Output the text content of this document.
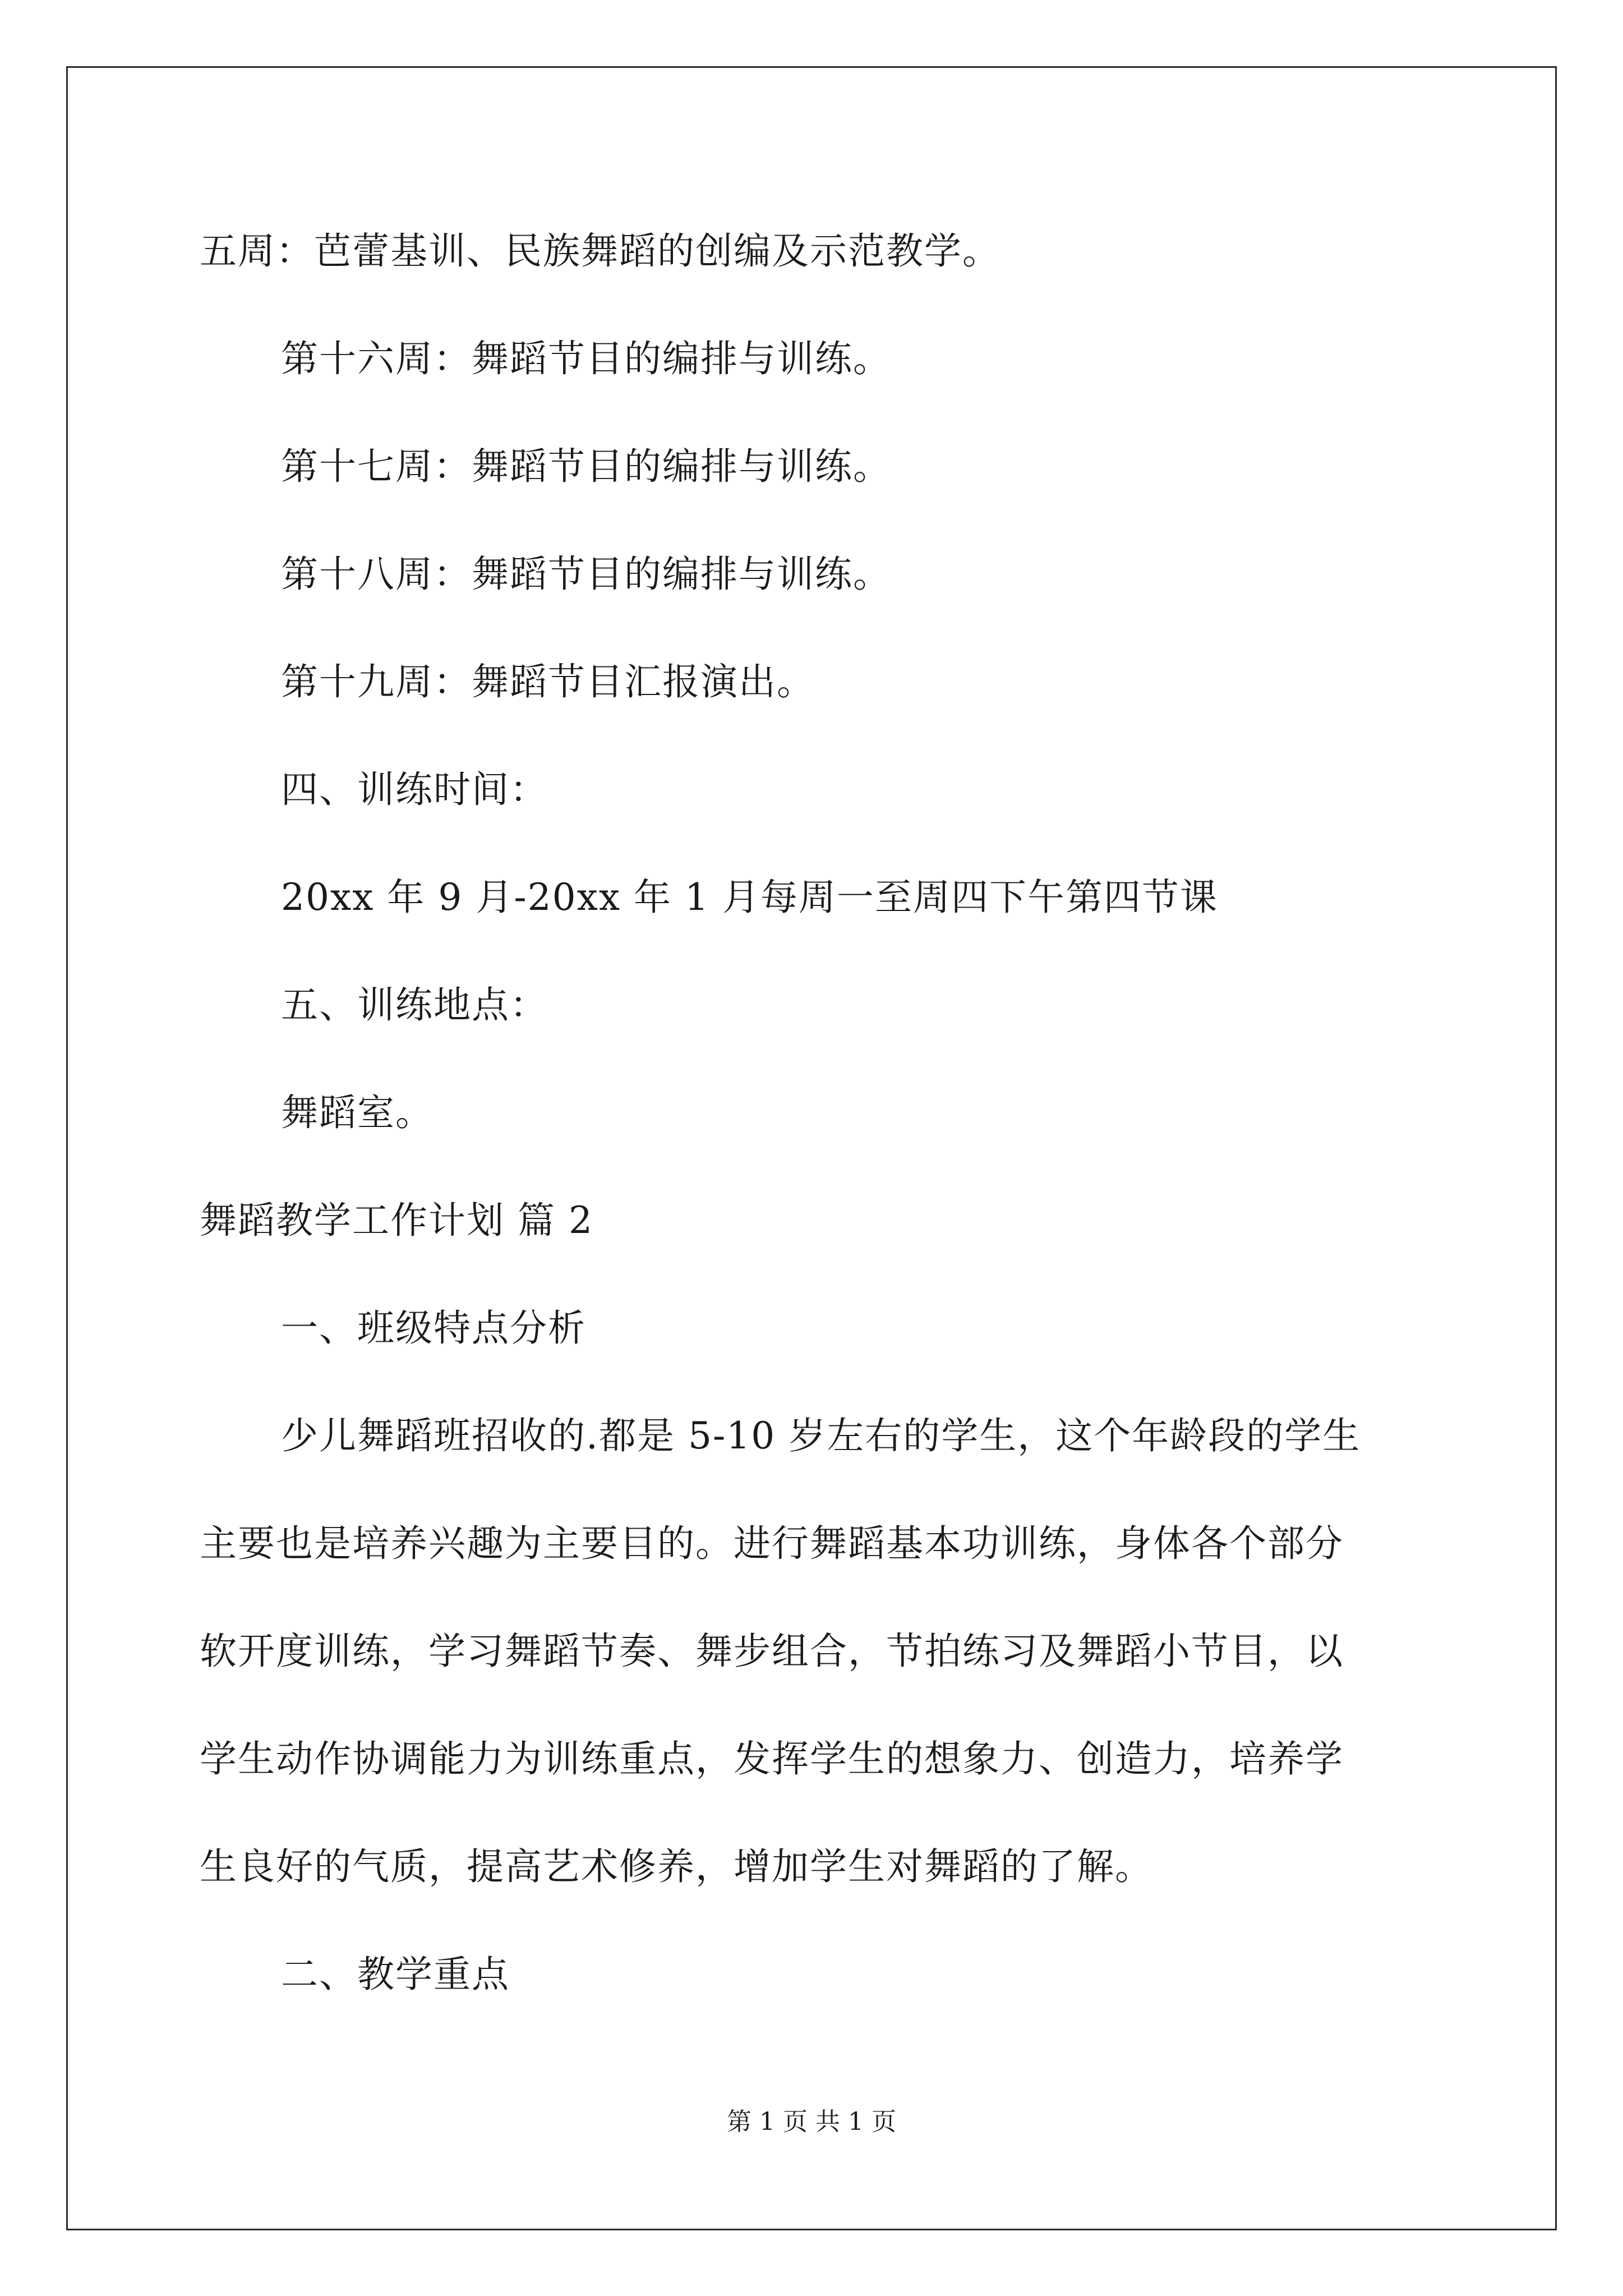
五周：芭蕾基训、民族舞蹈的创编及示范教学。
第十六周：舞蹈节目的编排与训练。
第十七周：舞蹈节目的编排与训练。
第十八周：舞蹈节目的编排与训练。
第十九周：舞蹈节目汇报演出。
四、训练时间：
20xx 年 9 月-20xx 年 1 月每周一至周四下午第四节课
五、训练地点：
舞蹈室。
舞蹈教学工作计划 篇 2
一、班级特点分析
少儿舞蹈班招收的.都是 5-10 岁左右的学生，这个年龄段的学生
主要也是培养兴趣为主要目的。进行舞蹈基本功训练，身体各个部分
软开度训练，学习舞蹈节奏、舞步组合，节拍练习及舞蹈小节目，以
学生动作协调能力为训练重点，发挥学生的想象力、创造力，培养学
生良好的气质，提高艺术修养，增加学生对舞蹈的了解。
二、教学重点
第 1 页 共 1 页
